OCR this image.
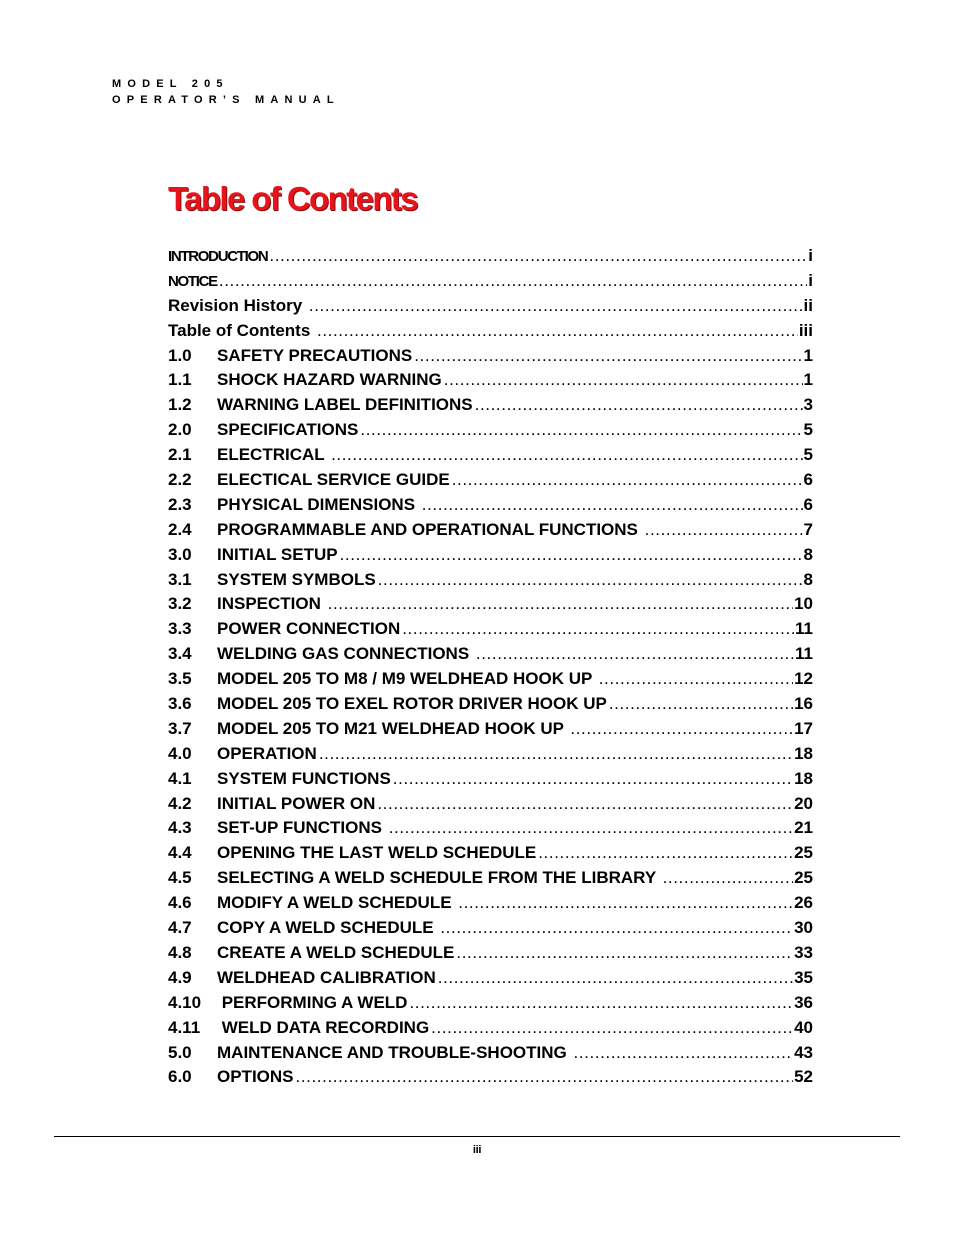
MODEL 205
OPERATOR’S MANUAL
Table of Contents
INTRODUCTION .....	i
NOTICE .....	i
Revision History .....	ii
Table of Contents .....	iii
1.0	SAFETY PRECAUTIONS .....	1
1.1	SHOCK HAZARD WARNING .....	1
1.2	WARNING LABEL DEFINITIONS .....	3
2.0	SPECIFICATIONS .....	5
2.1	ELECTRICAL .....	5
2.2	ELECTICAL SERVICE GUIDE .....	6
2.3	PHYSICAL DIMENSIONS .....	6
2.4	PROGRAMMABLE AND OPERATIONAL FUNCTIONS .....	7
3.0	INITIAL SETUP .....	8
3.1	SYSTEM SYMBOLS .....	8
3.2	INSPECTION .....	10
3.3	POWER CONNECTION .....	11
3.4	WELDING GAS CONNECTIONS .....	11
3.5	MODEL 205 TO M8 / M9 WELDHEAD HOOK UP .....	12
3.6	MODEL 205 TO EXEL ROTOR DRIVER HOOK UP .....	16
3.7	MODEL 205 TO M21 WELDHEAD HOOK UP .....	17
4.0	OPERATION .....	18
4.1	SYSTEM FUNCTIONS .....	18
4.2	INITIAL POWER ON .....	20
4.3	SET-UP FUNCTIONS .....	21
4.4	OPENING THE LAST WELD SCHEDULE .....	25
4.5	SELECTING A WELD SCHEDULE FROM THE LIBRARY .....	25
4.6	MODIFY A WELD SCHEDULE .....	26
4.7	COPY A WELD SCHEDULE .....	30
4.8	CREATE A WELD SCHEDULE .....	33
4.9	WELDHEAD CALIBRATION .....	35
4.10 PERFORMING A WELD .....	36
4.11 WELD DATA RECORDING .....	40
5.0	MAINTENANCE AND TROUBLE-SHOOTING .....	43
6.0	OPTIONS .....	52
iii
